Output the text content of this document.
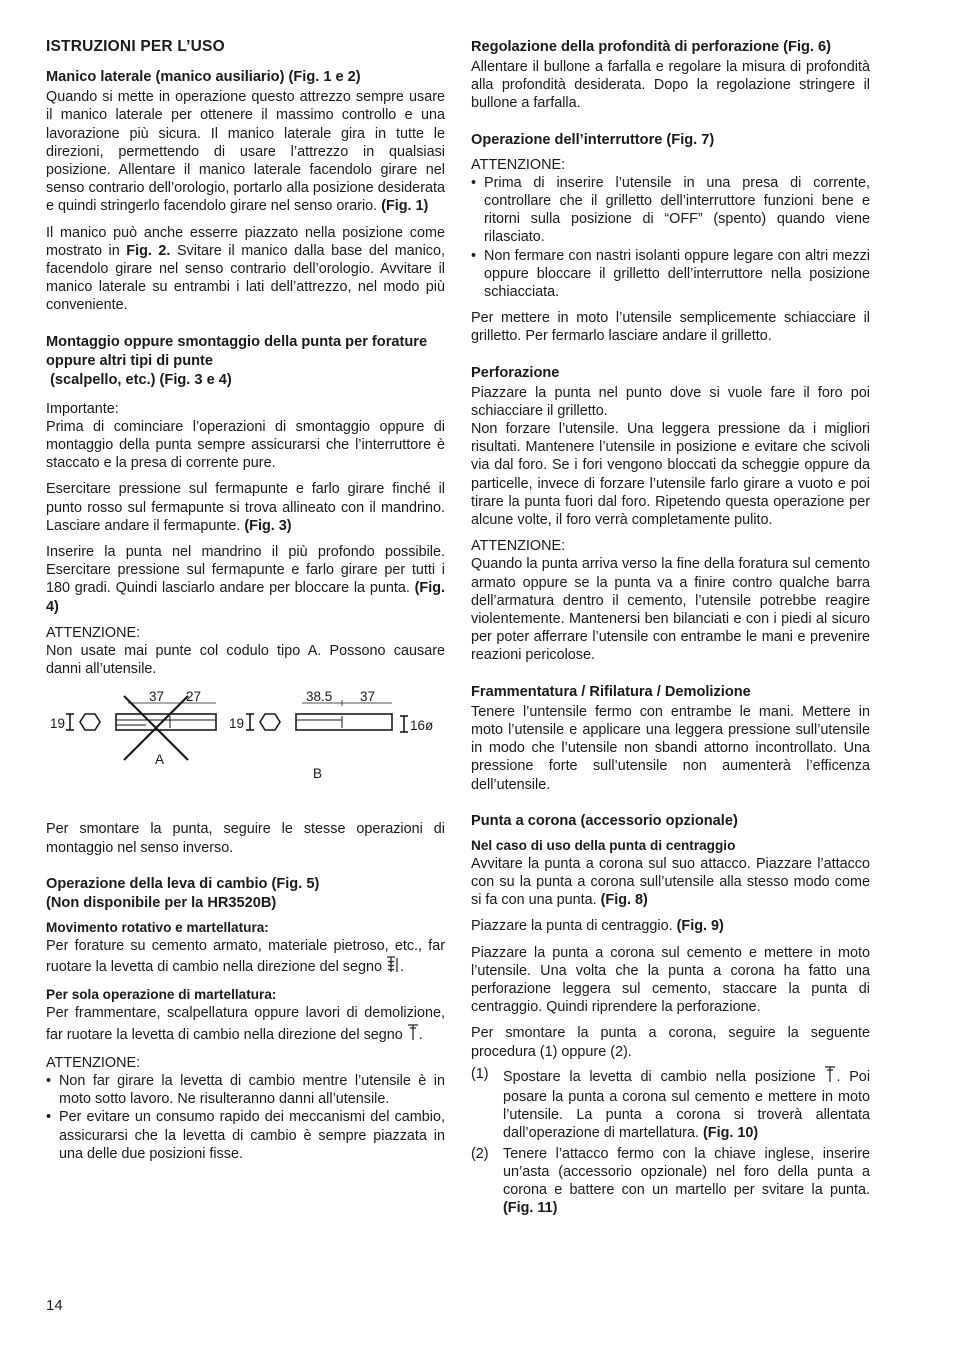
ISTRUZIONI PER L’USO
Manico laterale (manico ausiliario) (Fig. 1 e 2)

Quando si mette in operazione questo attrezzo sempre usare il manico laterale per ottenere il massimo controllo e una lavorazione più sicura. Il manico laterale gira in tutte le direzioni, permettendo di usare l’attrezzo in qualsiasi posizione. Allentare il manico laterale facendolo girare nel senso contrario dell’orologio, portarlo alla posizione desiderata e quindi stringerlo facendolo girare nel senso orario. (Fig. 1)

Il manico può anche esserre piazzato nella posizione come mostrato in Fig. 2. Svitare il manico dalla base del manico, facendolo girare nel senso contrario dell’orologio. Avvitare il manico laterale su entrambi i lati dell’attrezzo, nel modo più conveniente.

Montaggio oppure smontaggio della punta per forature oppure altri tipi di punte
(scalpello, etc.) (Fig. 3 e 4)

Importante:
Prima di cominciare l’operazioni di smontaggio oppure di montaggio della punta sempre assicurarsi che l’interruttore è staccato e la presa di corrente pure.

Esercitare pressione sul fermapunte e farlo girare finché il punto rosso sul fermapunte si trova allineato con il mandrino. Lasciare andare il fermapunte. (Fig. 3)

Inserire la punta nel mandrino il più profondo possibile. Esercitare pressione sul fermapunte e farlo girare per tutti i 180 gradi. Quindi lasciarlo andare per bloccare la punta. (Fig. 4)

ATTENZIONE:
Non usate mai punte col codulo tipo A. Possono causare danni all’utensile.

19
37 27
A
19
38.5 37
16ø
B

Per smontare la punta, seguire le stesse operazioni di montaggio nel senso inverso.

Operazione della leva di cambio (Fig. 5)
(Non disponibile per la HR3520B)
Movimento rotativo e martellatura:

Per forature su cemento armato, materiale pietroso, etc., far ruotare la levetta di cambio nella direzione del segno .

Per sola operazione di martellatura:

Per frammentare, scalpellatura oppure lavori di demolizione, far ruotare la levetta di cambio nella direzione del segno .

ATTENZIONE:

• Non far girare la levetta di cambio mentre l’utensile è in moto sotto lavoro. Ne risulteranno danni all’utensile.
• Per evitare un consumo rapido dei meccanismi del cambio, assicurarsi che la levetta di cambio è sempre piazzata in una delle due posizioni fisse.
Regolazione della profondità di perforazione (Fig. 6)

Allentare il bullone a farfalla e regolare la misura di profondità alla profondità desiderata. Dopo la regolazione stringere il bullone a farfalla.

Operazione dell’interruttore (Fig. 7)

ATTENZIONE:

• Prima di inserire l’utensile in una presa di corrente, controllare che il grilletto dell’interruttore funzioni bene e ritorni sulla posizione di “OFF” (spento) quando viene rilasciato.
• Non fermare con nastri isolanti oppure legare con altri mezzi oppure bloccare il grilletto dell’interruttore nella posizione schiacciata.

Per mettere in moto l’utensile semplicemente schiacciare il grilletto. Per fermarlo lasciare andare il grilletto.

Perforazione

Piazzare la punta nel punto dove si vuole fare il foro poi schiacciare il grilletto.

Non forzare l’utensile. Una leggera pressione da i migliori risultati. Mantenere l’utensile in posizione e evitare che scivoli via dal foro. Se i fori vengono bloccati da scheggie oppure da particelle, invece di forzare l’utensile farlo girare a vuoto e poi tirare la punta fuori dal foro. Ripetendo questa operazione per alcune volte, il foro verrà completamente pulito.

ATTENZIONE:
Quando la punta arriva verso la fine della foratura sul cemento armato oppure se la punta va a finire contro qualche barra dell’armatura dentro il cemento, l’utensile potrebbe reagire violentemente. Mantenersi ben bilanciati e con i piedi al sicuro per poter afferrare l’utensile con entrambe le mani e prevenire reazioni pericolose.

Frammentatura / Rifilatura / Demolizione

Tenere l’untensile fermo con entrambe le mani. Mettere in moto l’utensile e applicare una leggera pressione sull’utensile in modo che l’utensile non sbandi attorno incontrollato. Una pressione forte sull’utensile non aumenterà l’efficenza dell’utensile.

Punta a corona (accessorio opzionale)
Nel caso di uso della punta di centraggio

Avvitare la punta a corona sul suo attacco. Piazzare l’attacco con su la punta a corona sull’utensile alla stesso modo come si fa con una punta. (Fig. 8)

Piazzare la punta di centraggio. (Fig. 9)

Piazzare la punta a corona sul cemento e mettere in moto l’utensile. Una volta che la punta a corona ha fatto una perforazione leggera sul cemento, staccare la punta di centraggio. Quindi riprendere la perforazione.

Per smontare la punta a corona, seguire la seguente procedura (1) oppure (2).

(1)	Spostare la levetta di cambio nella posizione . Poi posare la punta a corona sul cemento e mettere in moto l’utensile. La punta a corona si troverà allentata dall’operazione di martellatura. (Fig. 10)
(2)	Tenere l’attacco fermo con la chiave inglese, inserire un’asta (accessorio opzionale) nel foro della punta a corona e battere con un martello per svitare la punta. (Fig. 11)
14
